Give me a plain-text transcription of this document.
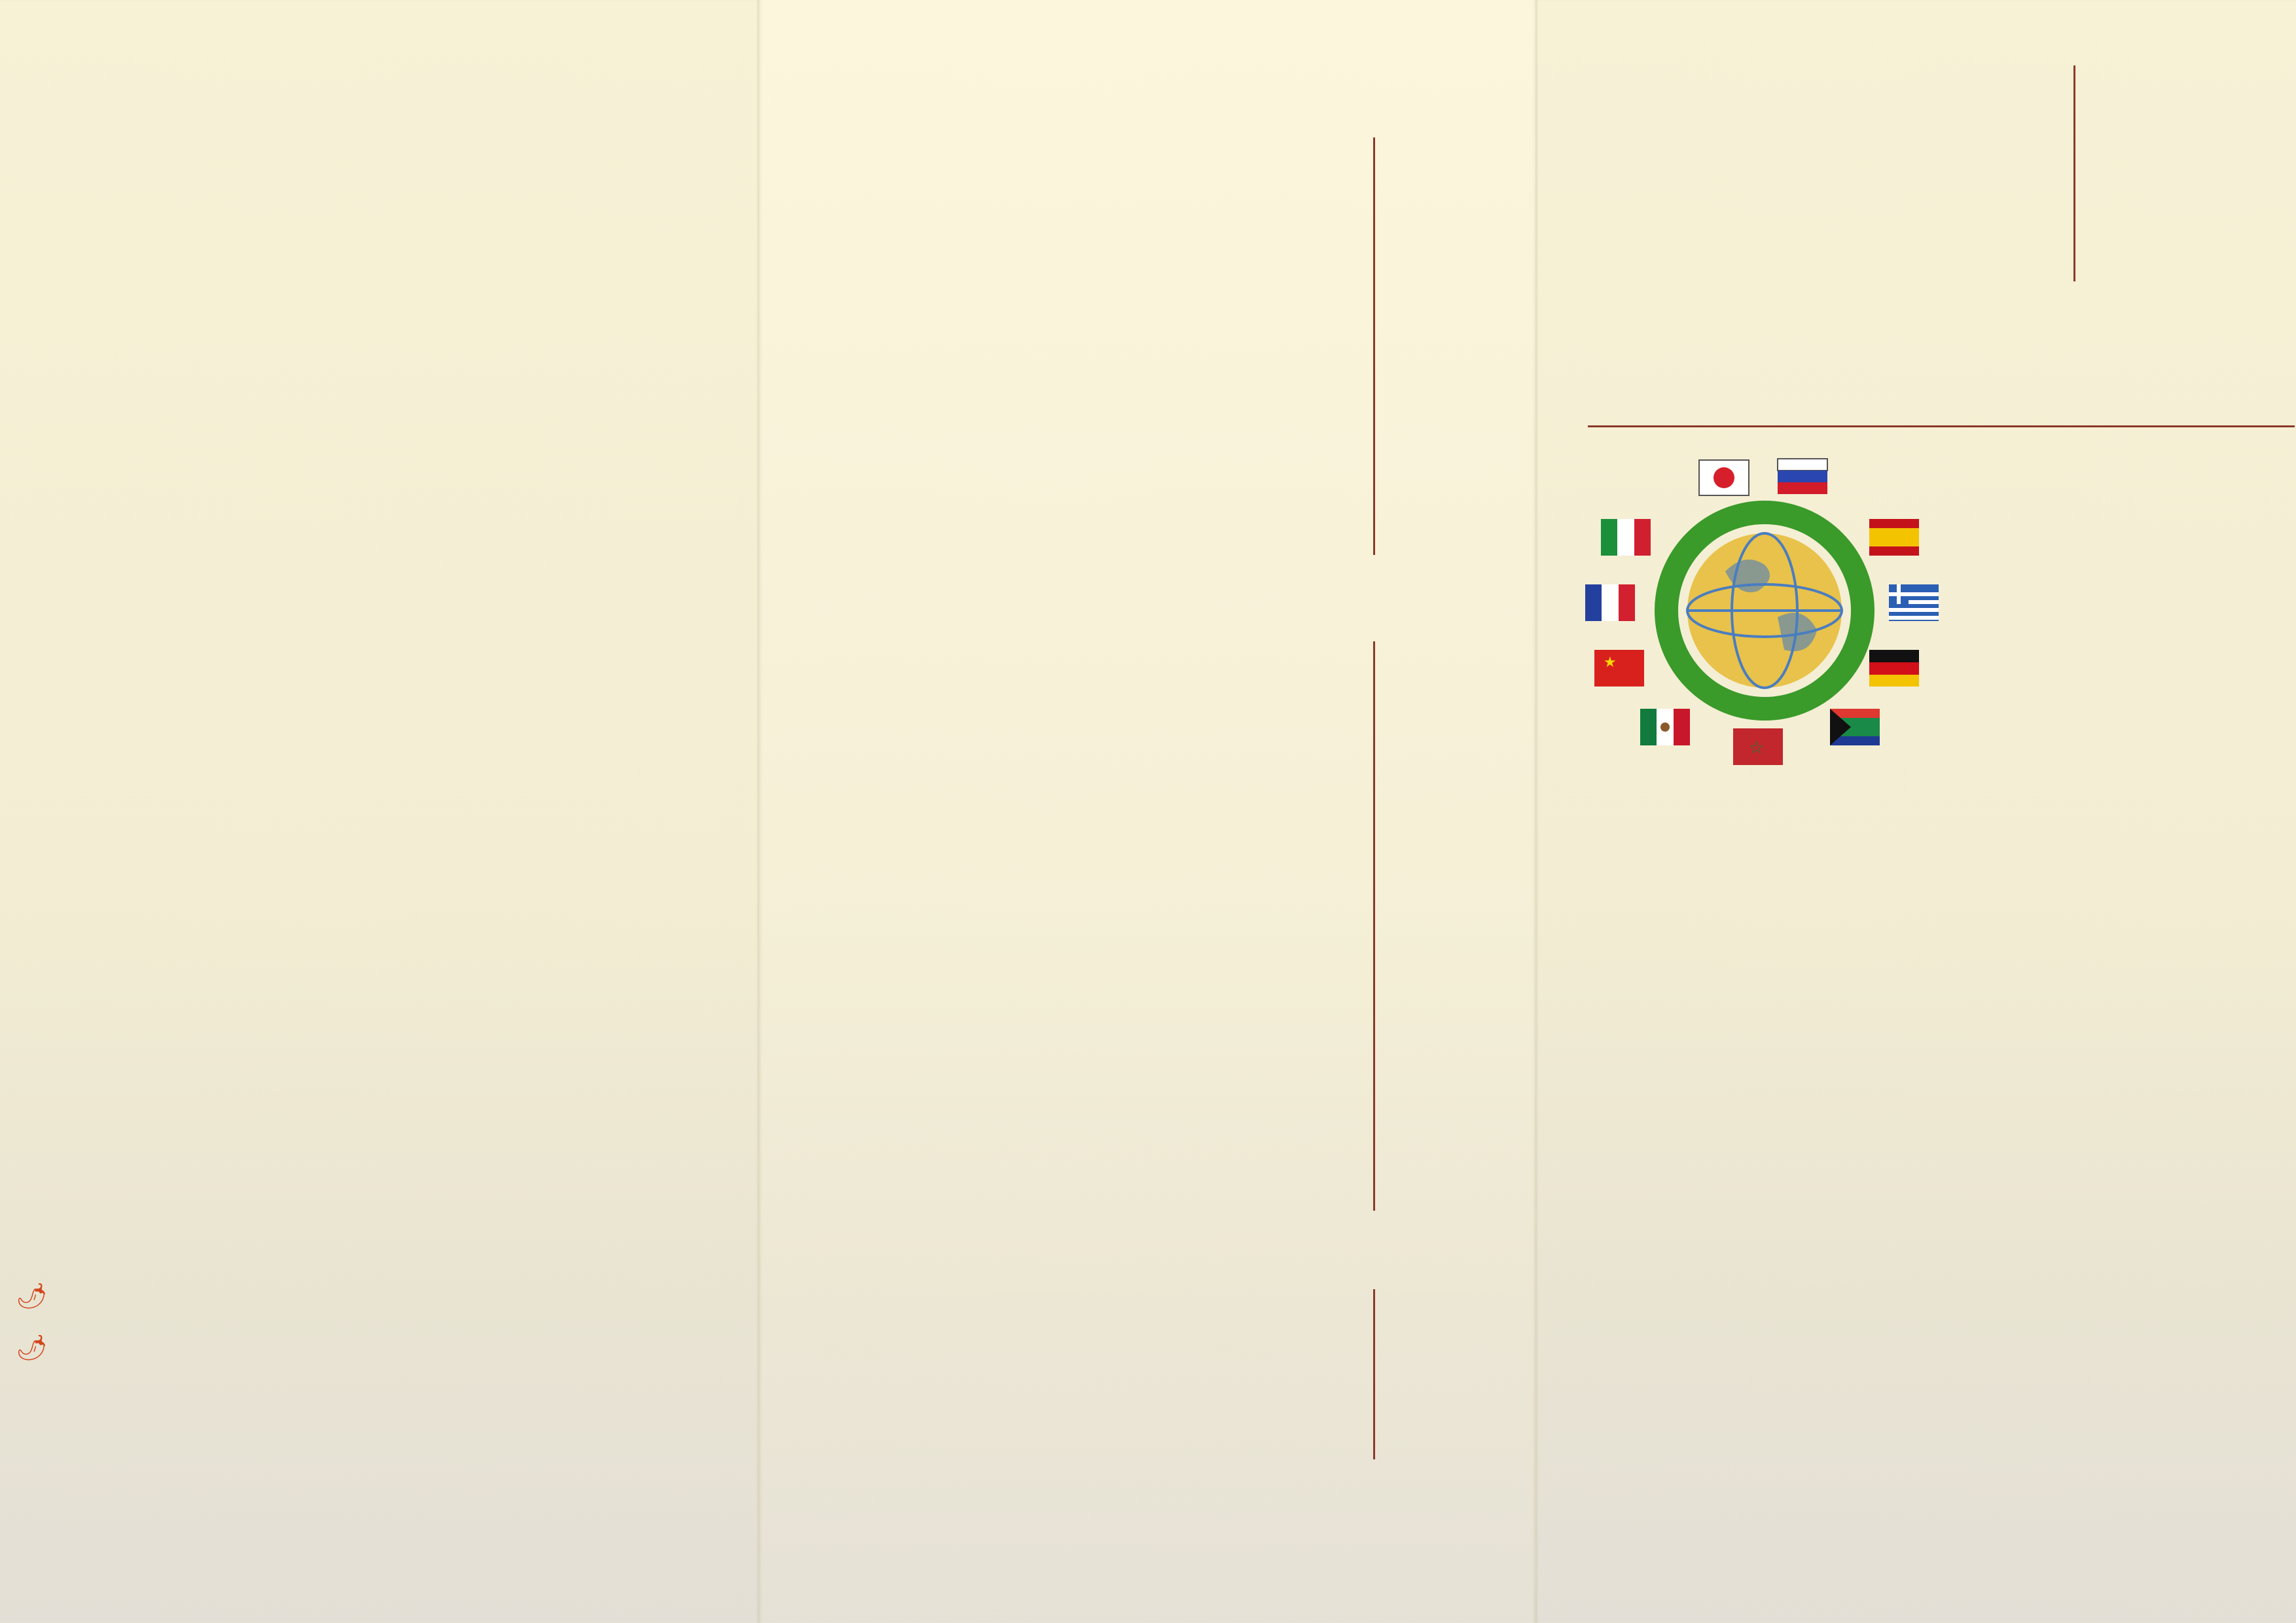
🌶
🌶
★
☆
